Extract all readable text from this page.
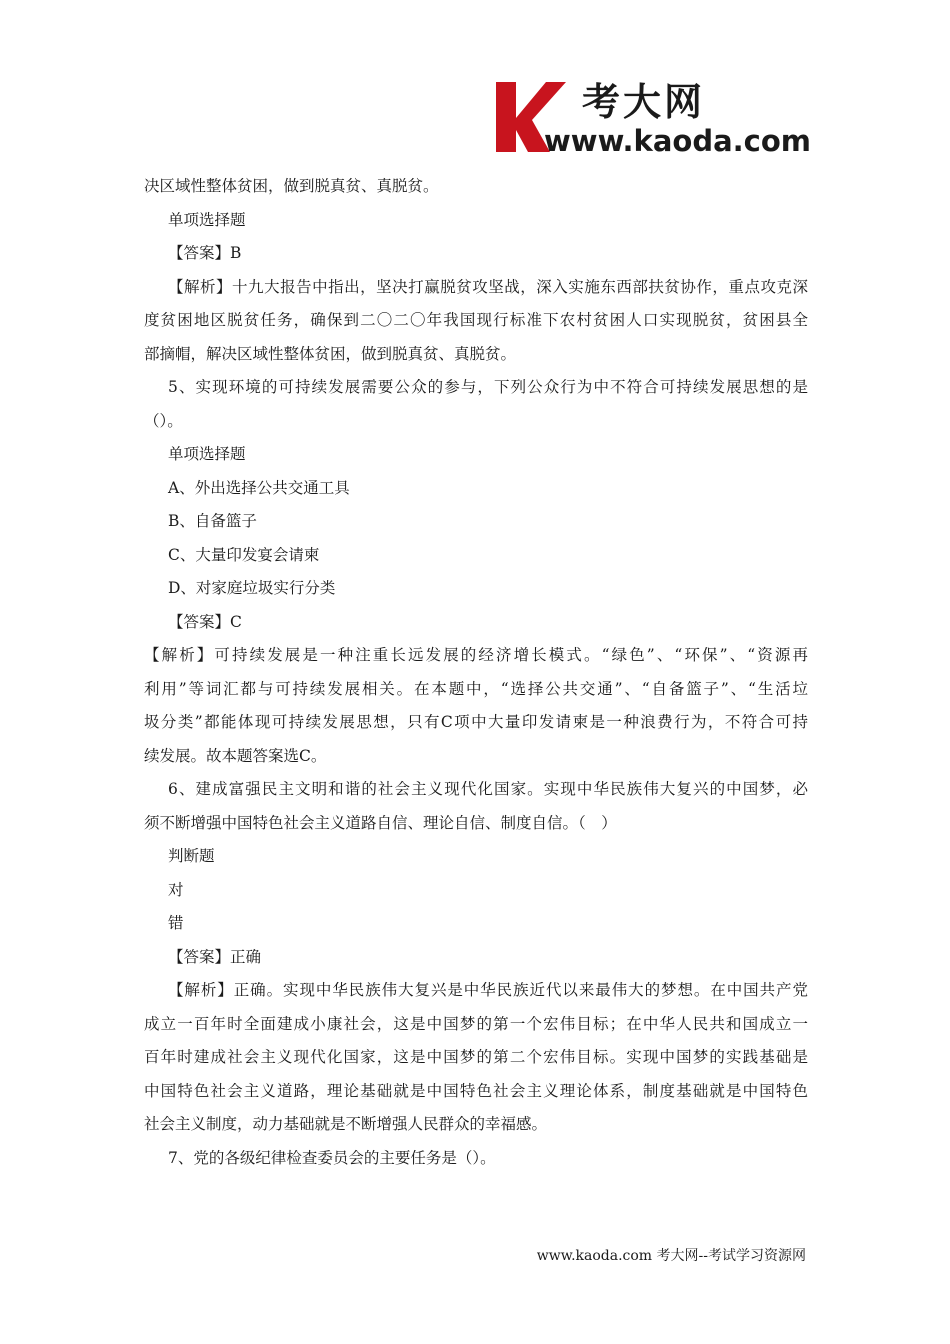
考大网
www.kaoda.com
决区域性整体贫困，做到脱真贫、真脱贫。
单项选择题
【答案】B
【解析】十九大报告中指出，坚决打赢脱贫攻坚战，深入实施东西部扶贫协作，重点攻克深
度贫困地区脱贫任务，确保到二〇二〇年我国现行标准下农村贫困人口实现脱贫，贫困县全
部摘帽，解决区域性整体贫困，做到脱真贫、真脱贫。
5、实现环境的可持续发展需要公众的参与，下列公众行为中不符合可持续发展思想的是
（）。
单项选择题
A、外出选择公共交通工具
B、自备篮子
C、大量印发宴会请柬
D、对家庭垃圾实行分类
【答案】C
【解析】可持续发展是一种注重长远发展的经济增长模式。“绿色”、“环保”、“资源再
利用”等词汇都与可持续发展相关。在本题中，“选择公共交通”、“自备篮子”、“生活垃
圾分类”都能体现可持续发展思想，只有C项中大量印发请柬是一种浪费行为，不符合可持
续发展。故本题答案选C。
6、建成富强民主文明和谐的社会主义现代化国家。实现中华民族伟大复兴的中国梦，必
须不断增强中国特色社会主义道路自信、理论自信、制度自信。（　）
判断题
对
错
【答案】正确
【解析】正确。实现中华民族伟大复兴是中华民族近代以来最伟大的梦想。在中国共产党
成立一百年时全面建成小康社会，这是中国梦的第一个宏伟目标；在中华人民共和国成立一
百年时建成社会主义现代化国家，这是中国梦的第二个宏伟目标。实现中国梦的实践基础是
中国特色社会主义道路，理论基础就是中国特色社会主义理论体系，制度基础就是中国特色
社会主义制度，动力基础就是不断增强人民群众的幸福感。
7、党的各级纪律检查委员会的主要任务是（）。
www.kaoda.com 考大网--考试学习资源网
